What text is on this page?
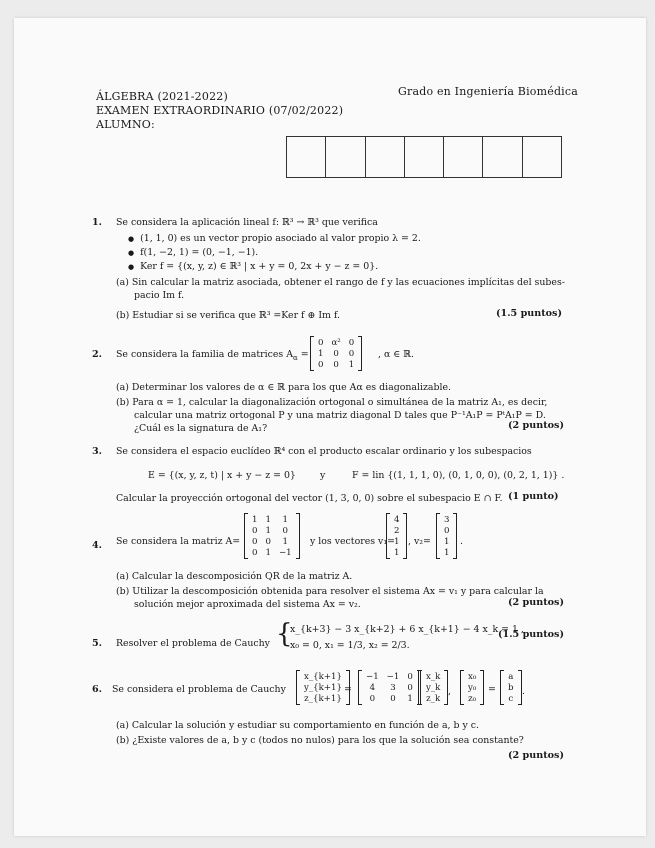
ÁLGEBRA (2021-2022)
EXAMEN EXTRAORDINARIO (07/02/2022)
ALUMNO:
Grado en Ingeniería Biomédica
1. Se considera la aplicación lineal f: ℝ³ → ℝ³ que verifica
● (1, 1, 0) es un vector propio asociado al valor propio λ = 2.
● f(1, −2, 1) = (0, −1, −1).
● Ker f = {(x, y, z) ∈ ℝ³ | x + y = 0, 2x + y − z = 0}.
(a) Sin calcular la matriz asociada, obtener el rango de f y las ecuaciones implícitas del subes-
pacio Im f.
(b) Estudiar si se verifica que ℝ³ =Ker f ⊕ Im f.	(1.5 puntos)
2. Se considera la familia de matrices $A_\alpha$ =
0	α²	0
1	0	0
0	0	1
, α ∈ ℝ.
(a) Determinar los valores de α ∈ ℝ para los que Aα es diagonalizable.
(b) Para α = 1, calcular la diagonalización ortogonal o simultánea de la matriz A₁, es decir,
calcular una matriz ortogonal P y una matriz diagonal D tales que P⁻¹A₁P = PᵗA₁P = D.
¿Cuál es la signatura de A₁?	(2 puntos)
3. Se considera el espacio euclídeo ℝ⁴ con el producto escalar ordinario y los subespacios
E = {(x, y, z, t) | x + y − z = 0}	y	F = lin {(1, 1, 1, 0), (0, 1, 0, 0), (0, 2, 1, 1)} .
Calcular la proyección ortogonal del vector (1, 3, 0, 0) sobre el subespacio E ∩ F. (1 punto)
4. Se considera la matriz A=
1	1	1
0	1	0
0	0	1
0	1	−1
y los vectores v₁=
4
2
1
1
, v₂=
3
0
1
1
.
(a) Calcular la descomposición QR de la matriz A.
(b) Utilizar la descomposición obtenida para resolver el sistema Ax = v₁ y para calcular la
solución mejor aproximada del sistema Ax = v₂.	(2 puntos)
5. Resolver el problema de Cauchy {
x_{k+3} − 3 x_{k+2} + 6 x_{k+1} − 4 x_k = 1 ,
x₀ = 0, x₁ = 1/3, x₂ = 2/3.
(1.5 puntos)
6. Se considera el problema de Cauchy
x_{k+1}
y_{k+1}
z_{k+1}
=
−1	−1	0
4	3	0
0	0	1
x_k
y_k
z_k
,
x₀
y₀
z₀
=
a
b
c
.
(a) Calcular la solución y estudiar su comportamiento en función de a, b y c.
(b) ¿Existe valores de a, b y c (todos no nulos) para los que la solución sea constante?
(2 puntos)
